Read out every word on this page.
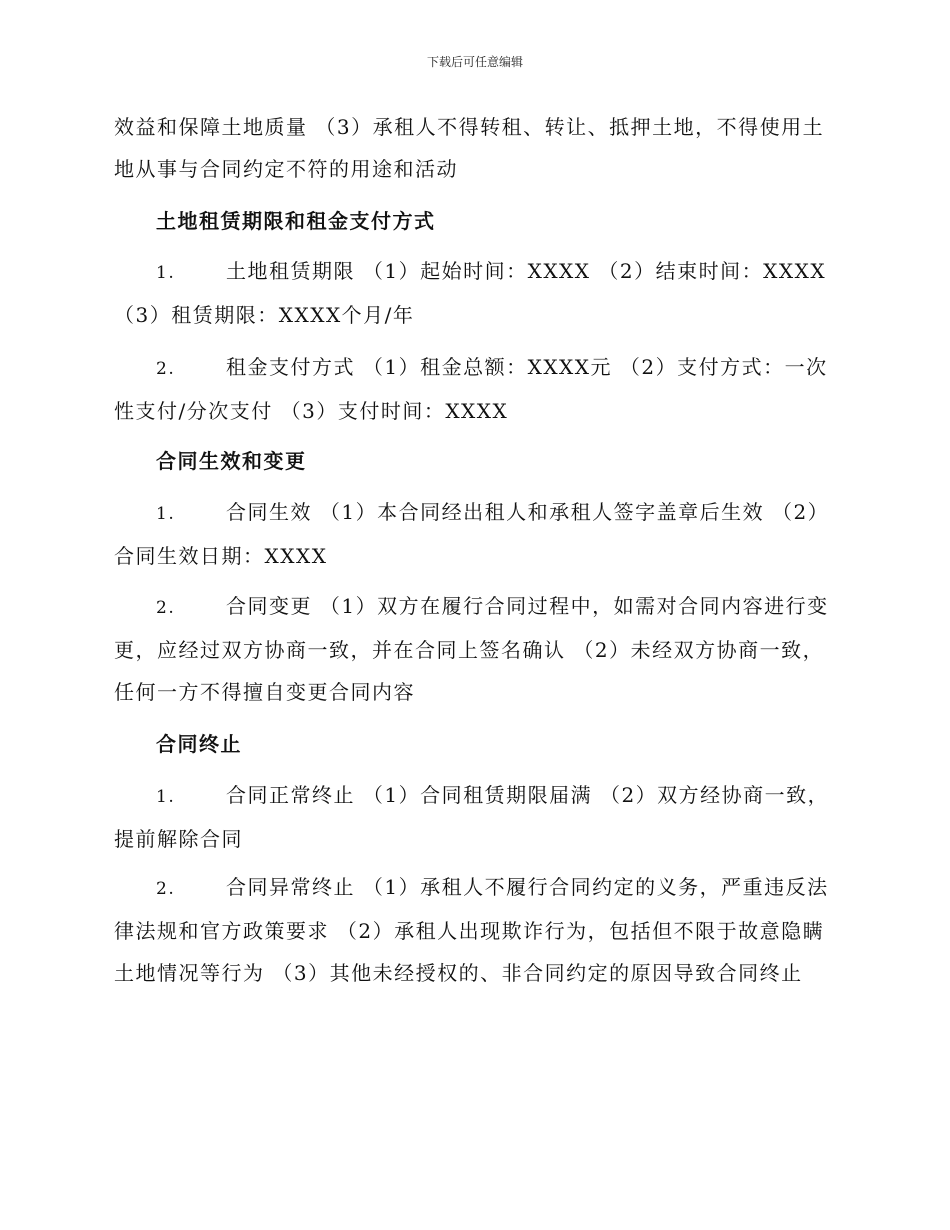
下载后可任意编辑

效益和保障土地质量 （3）承租人不得转租、转让、抵押土地，不得使用土地从事与合同约定不符的用途和活动

土地租赁期限和租金支付方式

1.	土地租赁期限 （1）起始时间：XXXX （2）结束时间：XXXX （3）租赁期限：XXXX个月/年

2.	租金支付方式 （1）租金总额：XXXX元 （2）支付方式：一次性支付/分次支付 （3）支付时间：XXXX

合同生效和变更

1.	合同生效 （1）本合同经出租人和承租人签字盖章后生效 （2）合同生效日期：XXXX

2.	合同变更 （1）双方在履行合同过程中，如需对合同内容进行变更，应经过双方协商一致，并在合同上签名确认 （2）未经双方协商一致，任何一方不得擅自变更合同内容

合同终止

1.	合同正常终止 （1）合同租赁期限届满 （2）双方经协商一致，提前解除合同

2.	合同异常终止 （1）承租人不履行合同约定的义务，严重违反法律法规和官方政策要求 （2）承租人出现欺诈行为，包括但不限于故意隐瞒土地情况等行为 （3）其他未经授权的、非合同约定的原因导致合同终止
